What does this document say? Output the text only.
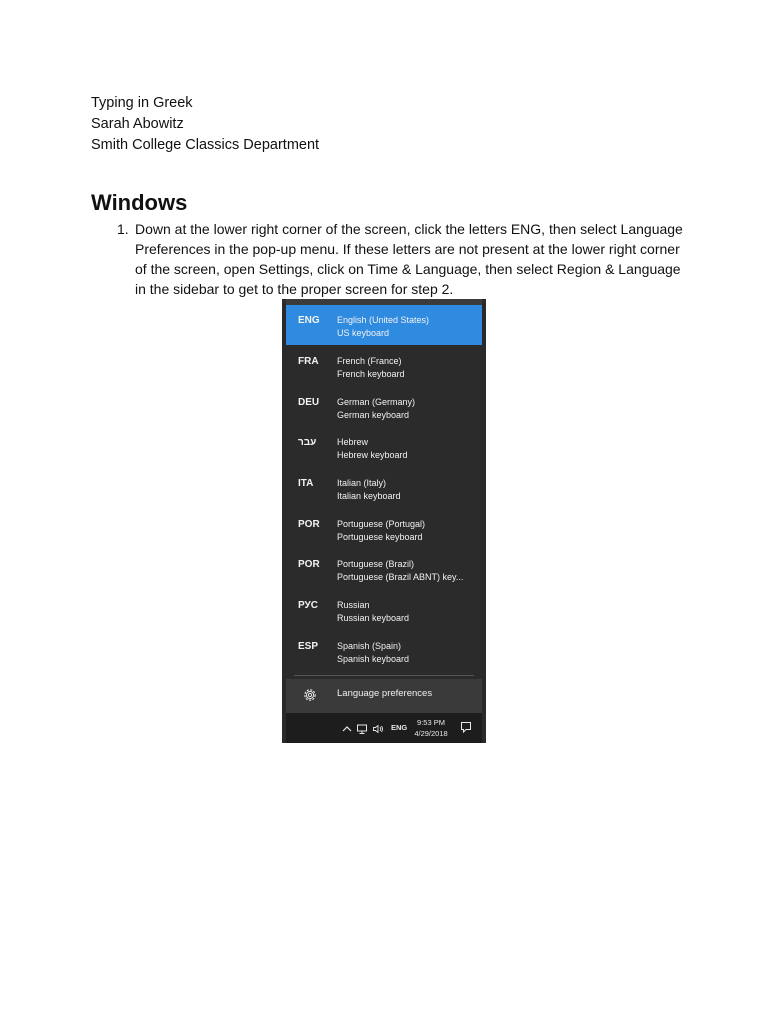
Typing in Greek
Sarah Abowitz
Smith College Classics Department
Windows
1. Down at the lower right corner of the screen, click the letters ENG, then select Language Preferences in the pop-up menu. If these letters are not present at the lower right corner of the screen, open Settings, click on Time & Language, then select Region & Language in the sidebar to get to the proper screen for step 2.
ENG English (United States)
US keyboard
FRA French (France)
French keyboard
DEU German (Germany)
German keyboard
עבר Hebrew
Hebrew keyboard
ITA	Italian (Italy)
Italian keyboard
POR Portuguese (Portugal)
Portuguese keyboard
POR Portuguese (Brazil)
Portuguese (Brazil ABNT) key...
РУС Russian
Russian keyboard
ESP Spanish (Spain)
Spanish keyboard
Language preferences
ENG
9:53 PM
4/29/2018
